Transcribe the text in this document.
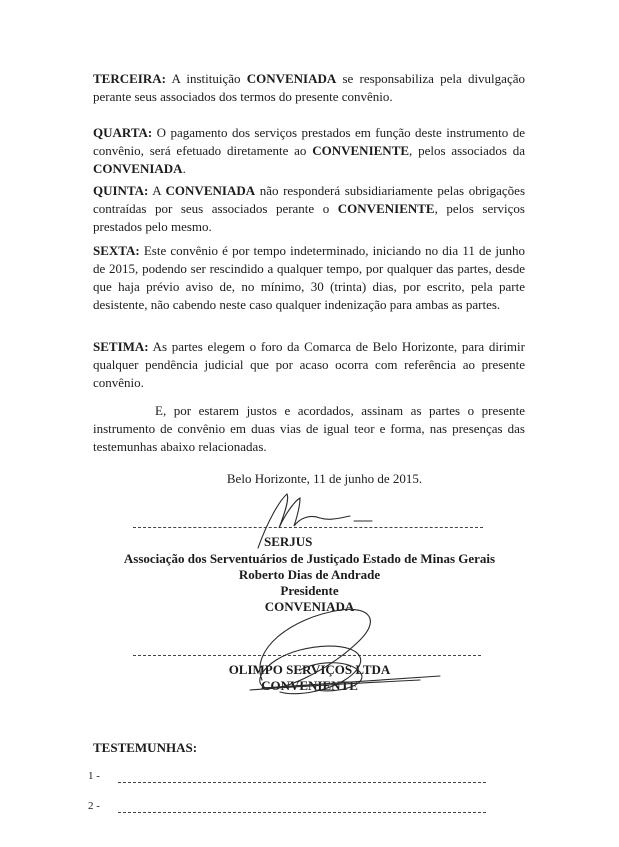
TERCEIRA: A instituição CONVENIADA se responsabiliza pela divulgação perante seus associados dos termos do presente convênio.

QUARTA: O pagamento dos serviços prestados em função deste instrumento de convênio, será efetuado diretamente ao CONVENIENTE, pelos associados da CONVENIADA.

QUINTA: A CONVENIADA não responderá subsidiariamente pelas obrigações contraídas por seus associados perante o CONVENIENTE, pelos serviços prestados pelo mesmo.

SEXTA: Este convênio é por tempo indeterminado, iniciando no dia 11 de junho de 2015, podendo ser rescindido a qualquer tempo, por qualquer das partes, desde que haja prévio aviso de, no mínimo, 30 (trinta) dias, por escrito, pela parte desistente, não cabendo neste caso qualquer indenização para ambas as partes.

SETIMA: As partes elegem o foro da Comarca de Belo Horizonte, para dirimir qualquer pendência judicial que por acaso ocorra com referência ao presente convênio.

E, por estarem justos e acordados, assinam as partes o presente instrumento de convênio em duas vias de igual teor e forma, nas presenças das testemunhas abaixo relacionadas.

Belo Horizonte, 11 de junho de 2015.
SERJUS
Associação dos Serventuários de Justiçado Estado de Minas Gerais
Roberto Dias de Andrade
Presidente
CONVENIADA
OLIMPO SERVIÇOS LTDA
CONVENIENTE
TESTEMUNHAS:
1 -
2 -
